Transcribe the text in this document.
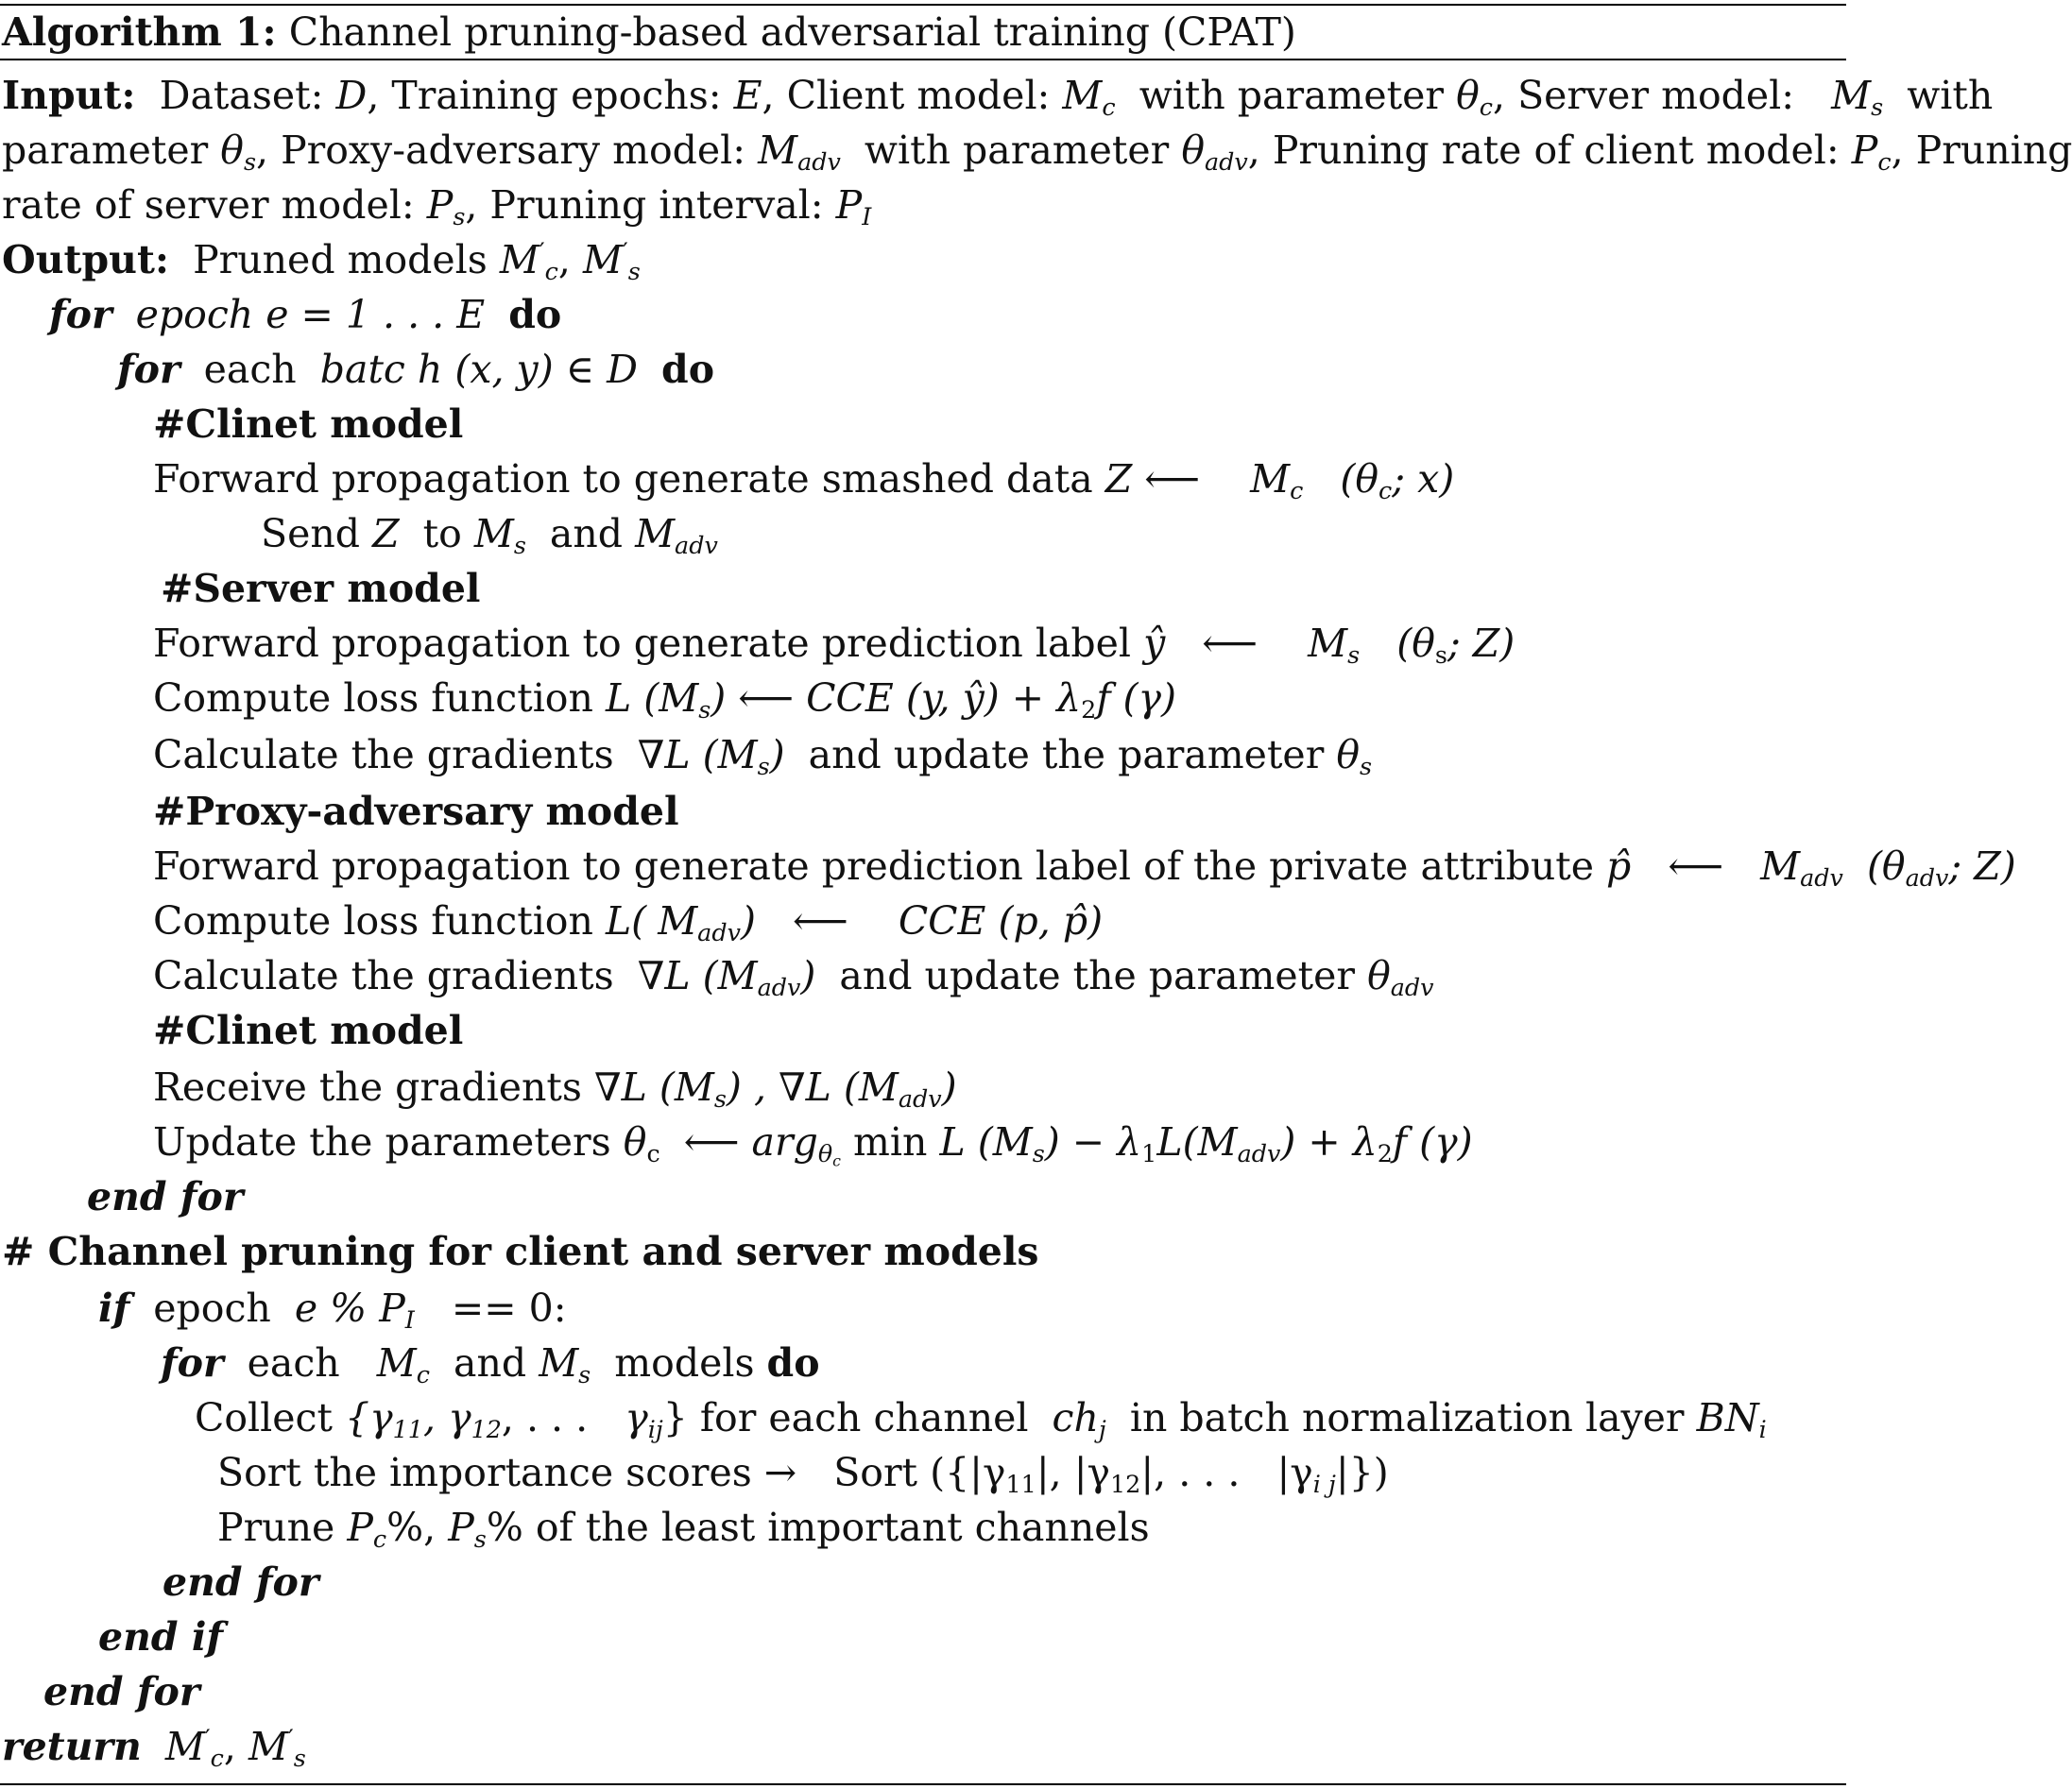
Algorithm 1: Channel pruning-based adversarial training (CPAT)
Input: Dataset: D, Training epochs: E, Client model: $M_c$ with parameter $\theta_c$, Server model: $M_s$ with
parameter $\theta_s$, Proxy-adversary model: $M_{adv}$ with parameter $\theta_{adv}$, Pruning rate of client model: $P_c$, Pruning
rate of server model: $P_s$, Pruning interval: $P_I$
Output: Pruned models $M'_c$, $M'_s$
for epoch e = 1 . . . E do
for each batc h (x, y) ∈ D do
#Clinet model
Forward propagation to generate smashed data Z ⟵ $M_c$ ($\theta_c$; x)
Send Z to $M_s$ and $M_{adv}$
#Server model
Forward propagation to generate prediction label ŷ ⟵ $M_s$ ($\theta_s$; Z)
Compute loss function L $(M_s)$ ⟵ CCE (y, ŷ) + $\lambda_2f$ (γ)
Calculate the gradients ∇L $(M_s)$ and update the parameter $\theta_s$
#Proxy-adversary model
Forward propagation to generate prediction label of the private attribute p̂ ⟵ $M_{adv}$ ($\theta_{adv}$; Z)
Compute loss function L( $M_{adv}$) ⟵ CCE (p, p̂)
Calculate the gradients ∇L $(M_{adv})$ and update the parameter $\theta_{adv}$
#Clinet model
Receive the gradients ∇L $(M_s)$ , ∇L $(M_{adv})$
Update the parameters $\theta_c$ ⟵ arg$_{\theta_c}$ min L $(M_s) - \lambda_1L(M_{adv}) + \lambda_2f$ (γ)
end for
# Channel pruning for client and server models
if epoch e % $P_I == 0$:
for each $M_c$ and $M_s$ models do
Collect {$\gamma_{11}$, $\gamma_{12}$, . . . $\gamma_{ij}$} for each channel $ch_j$ in batch normalization layer $BN_i$
Sort the importance scores → Sort ({$|\gamma_{11}|$, $|\gamma_{12}|$, . . . $|\gamma_{i j}|$})
Prune $P_c\%$, $P_s\%$ of the least important channels
end for
end if
end for
return $M'_c$, $M'_s$
